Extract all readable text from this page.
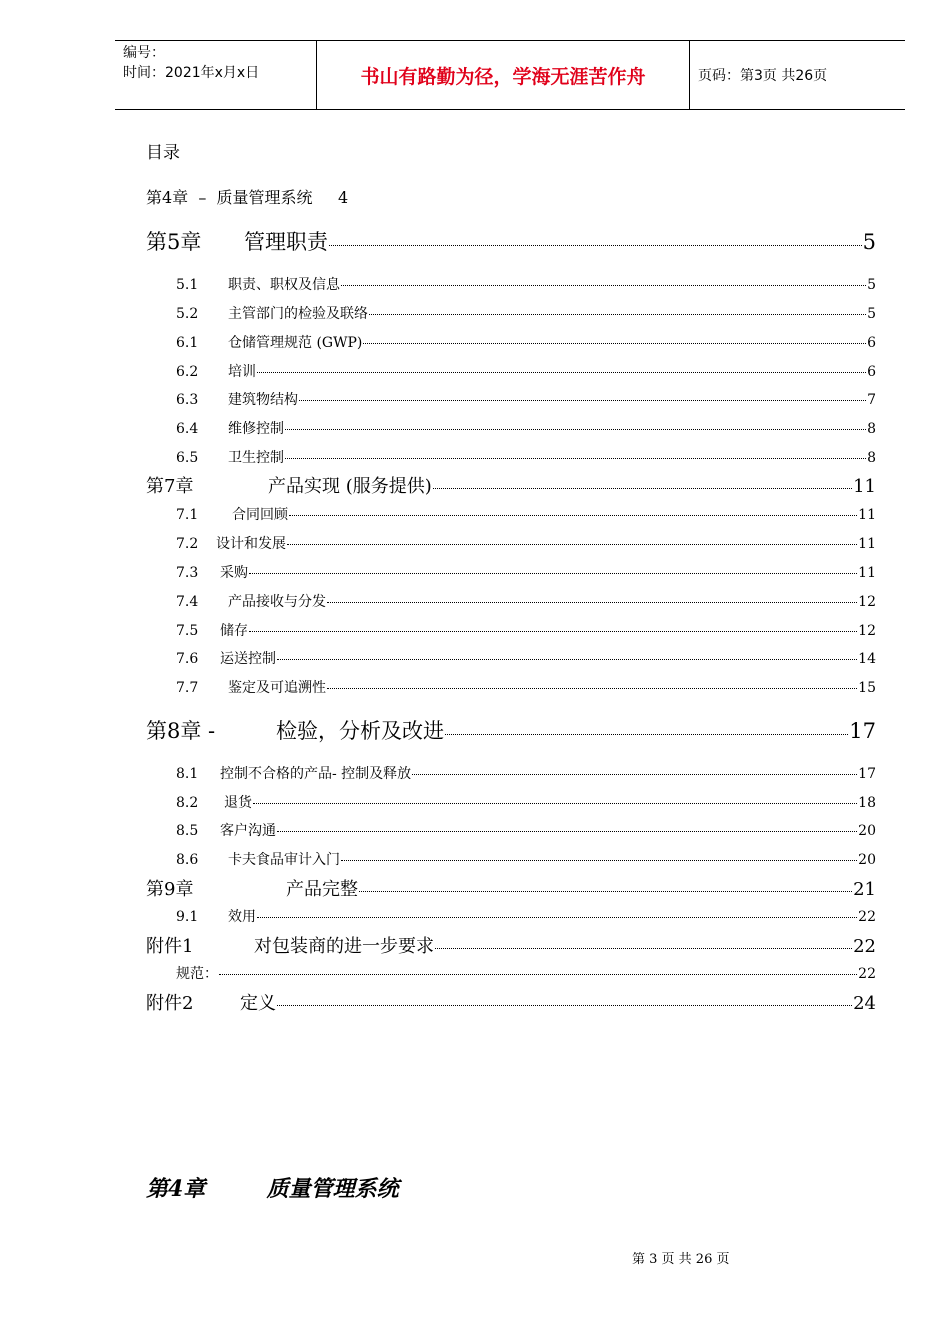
编号：
时间：2021年x月x日	书山有路勤为径，学海无涯苦作舟	页码：第3页 共26页
目录
第4章  –  质量管理系统     4
第5章	管理职责	5
5.1	职责、职权及信息	5
5.2	主管部门的检验及联络	5
6.1	仓储管理规范 (GWP)	6
6.2	培训	6
6.3	建筑物结构	7
6.4	维修控制	8
6.5	卫生控制	8
第7章	产品实现 (服务提供)	11
7.1	合同回顾	11
7.2	设计和发展	11
7.3	采购	11
7.4	产品接收与分发	12
7.5	储存	12
7.6	运送控制	14
7.7	鉴定及可追溯性	15
第8章 -	检验，分析及改进	17
8.1	控制不合格的产品- 控制及释放	17
8.2	退货	18
8.5	客户沟通	20
8.6	卡夫食品审计入门	20
第9章	产品完整	21
9.1	效用	22
附件1	对包装商的进一步要求	22
规范：	22
附件2	定义	24
第4章        质量管理系统
第 3 页 共 26 页
